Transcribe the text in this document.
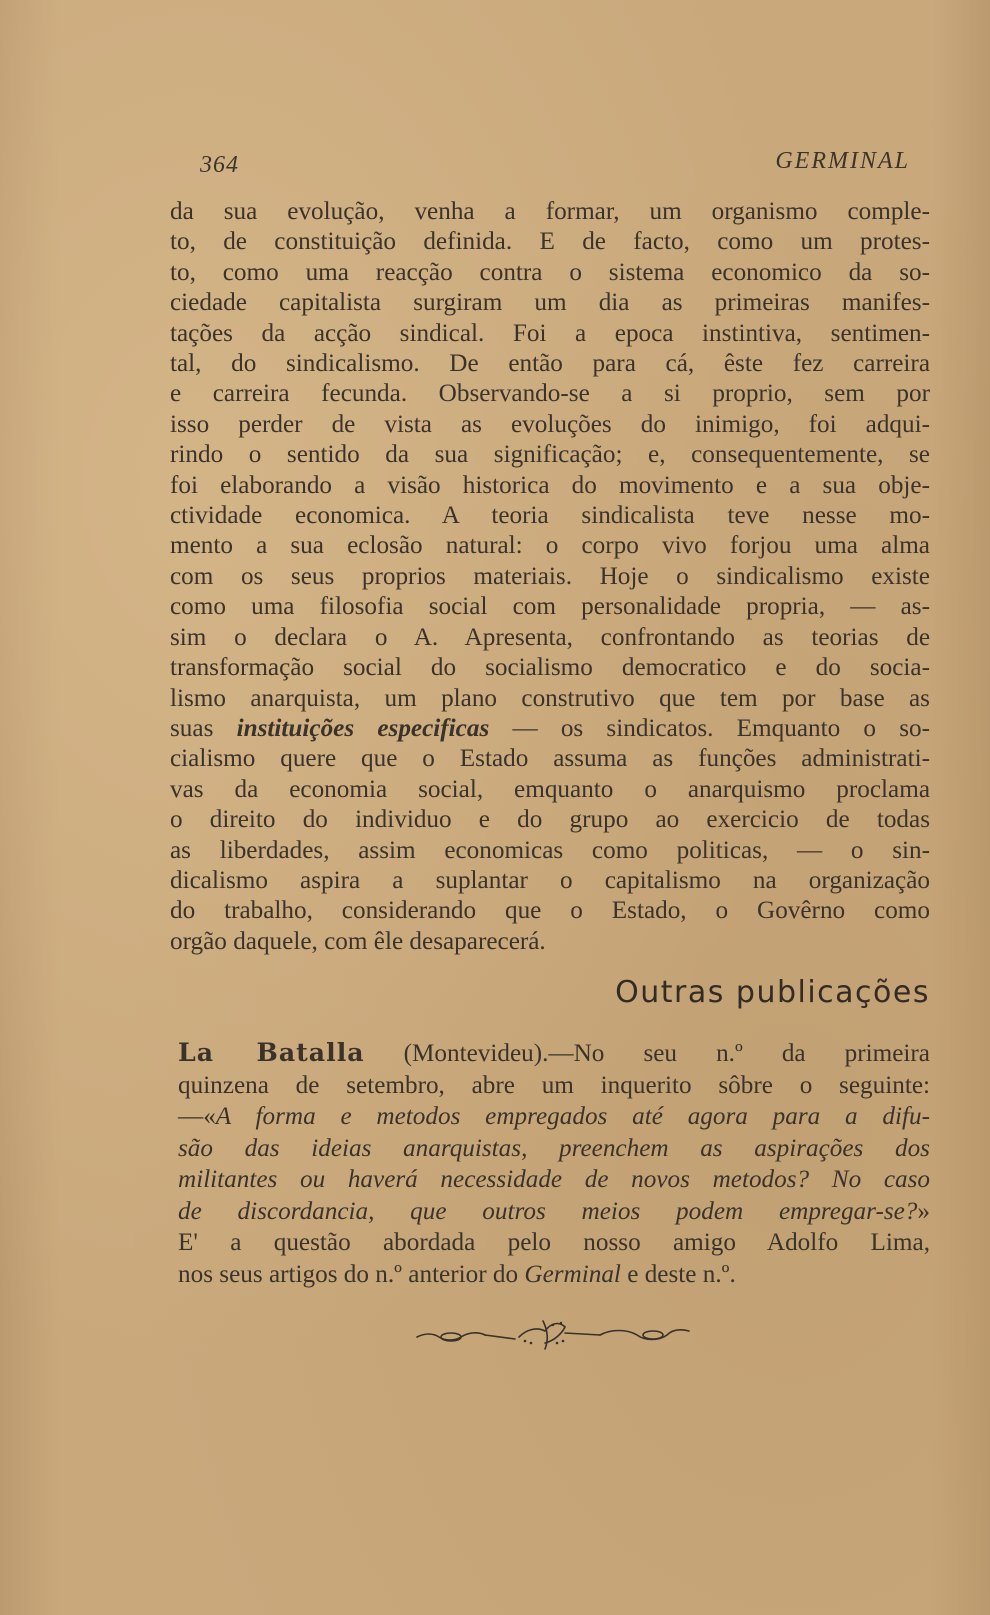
364	GERMINAL
da sua evolução, venha a formar, um organismo comple-
to, de constituição definida. E de facto, como um protes-
to, como uma reacção contra o sistema economico da so-
ciedade capitalista surgiram um dia as primeiras manifes-
tações da acção sindical. Foi a epoca instintiva, sentimen-
tal, do sindicalismo. De então para cá, êste fez carreira
e carreira fecunda. Observando-se a si proprio, sem por
isso perder de vista as evoluções do inimigo, foi adqui-
rindo o sentido da sua significação; e, consequentemente, se
foi elaborando a visão historica do movimento e a sua obje-
ctividade economica. A teoria sindicalista teve nesse mo-
mento a sua eclosão natural: o corpo vivo forjou uma alma
com os seus proprios materiais. Hoje o sindicalismo existe
como uma filosofia social com personalidade propria, — as-
sim o declara o A. Apresenta, confrontando as teorias de
transformação social do socialismo democratico e do socia-
lismo anarquista, um plano construtivo que tem por base as
suas instituições especificas — os sindicatos. Emquanto o so-
cialismo quere que o Estado assuma as funções administrati-
vas da economia social, emquanto o anarquismo proclama
o direito do individuo e do grupo ao exercicio de todas
as liberdades, assim economicas como politicas, — o sin-
dicalismo aspira a suplantar o capitalismo na organização
do trabalho, considerando que o Estado, o Govêrno como
orgão daquele, com êle desaparecerá.
Outras publicações
La Batalla (Montevideu).—No seu n.º da primeira
quinzena de setembro, abre um inquerito sôbre o seguinte:
—«A forma e metodos empregados até agora para a difu-
são das ideias anarquistas, preenchem as aspirações dos
militantes ou haverá necessidade de novos metodos? No caso
de discordancia, que outros meios podem empregar-se?»
E' a questão abordada pelo nosso amigo Adolfo Lima,
nos seus artigos do n.º anterior do Germinal e deste n.º.
